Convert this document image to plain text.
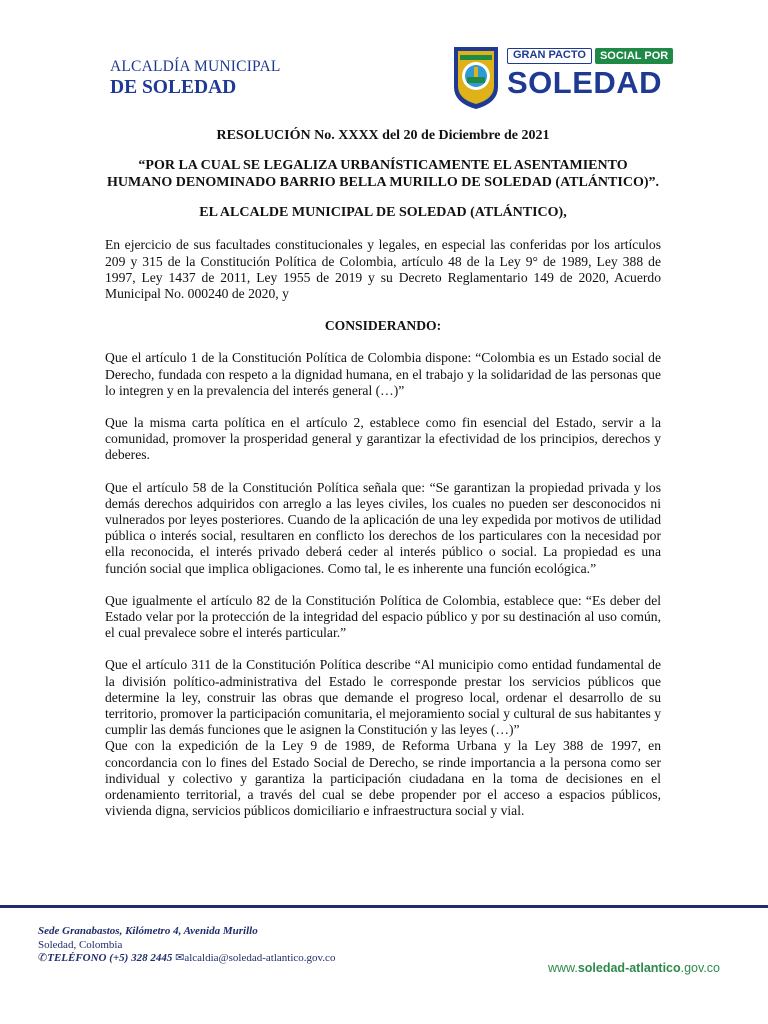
ALCALDÍA MUNICIPAL
DE SOLEDAD
GRAN PACTO	SOCIAL POR
SOLEDAD
RESOLUCIÓN No. XXXX del 20 de Diciembre de 2021
“POR LA CUAL SE LEGALIZA URBANÍSTICAMENTE EL ASENTAMIENTO
HUMANO DENOMINADO BARRIO BELLA MURILLO DE SOLEDAD (ATLÁNTICO)”.
EL ALCALDE MUNICIPAL DE SOLEDAD (ATLÁNTICO),

En ejercicio de sus facultades constitucionales y legales, en especial las conferidas por los artículos 209 y 315 de la Constitución Política de Colombia, artículo 48 de la Ley 9° de 1989, Ley 388 de 1997, Ley 1437 de 2011, Ley 1955 de 2019 y su Decreto Reglamentario 149 de 2020, Acuerdo Municipal No. 000240 de 2020, y

CONSIDERANDO:

Que el artículo 1 de la Constitución Política de Colombia dispone: “Colombia es un Estado social de Derecho, fundada con respeto a la dignidad humana, en el trabajo y la solidaridad de las personas que lo integren y en la prevalencia del interés general (…)”

Que la misma carta política en el artículo 2, establece como fin esencial del Estado, servir a la comunidad, promover la prosperidad general y garantizar la efectividad de los principios, derechos y deberes.

Que el artículo 58 de la Constitución Política señala que: “Se garantizan la propiedad privada y los demás derechos adquiridos con arreglo a las leyes civiles, los cuales no pueden ser desconocidos ni vulnerados por leyes posteriores. Cuando de la aplicación de una ley expedida por motivos de utilidad pública o interés social, resultaren en conflicto los derechos de los particulares con la necesidad por ella reconocida, el interés privado deberá ceder al interés público o social. La propiedad es una función social que implica obligaciones. Como tal, le es inherente una función ecológica.”

Que igualmente el artículo 82 de la Constitución Política de Colombia, establece que: “Es deber del Estado velar por la protección de la integridad del espacio público y por su destinación al uso común, el cual prevalece sobre el interés particular.”

Que el artículo 311 de la Constitución Política describe “Al municipio como entidad fundamental de la división político-administrativa del Estado le corresponde prestar los servicios públicos que determine la ley, construir las obras que demande el progreso local, ordenar el desarrollo de su territorio, promover la participación comunitaria, el mejoramiento social y cultural de sus habitantes y cumplir las demás funciones que le asignen la Constitución y las leyes (…)”

Que con la expedición de la Ley 9 de 1989, de Reforma Urbana y la Ley 388 de 1997, en concordancia con lo fines del Estado Social de Derecho, se rinde importancia a la persona como ser individual y colectivo y garantiza la participación ciudadana en la toma de decisiones en el ordenamiento territorial, a través del cual se debe propender por el acceso a espacios públicos, vivienda digna, servicios públicos domiciliario e infraestructura social y vial.

Sede Granabastos, Kilómetro 4, Avenida Murillo
Soledad, Colombia
✆TELÉFONO (+5) 328 2445 ✉alcaldia@soledad-atlantico.gov.co
www.soledad-atlantico.gov.co
